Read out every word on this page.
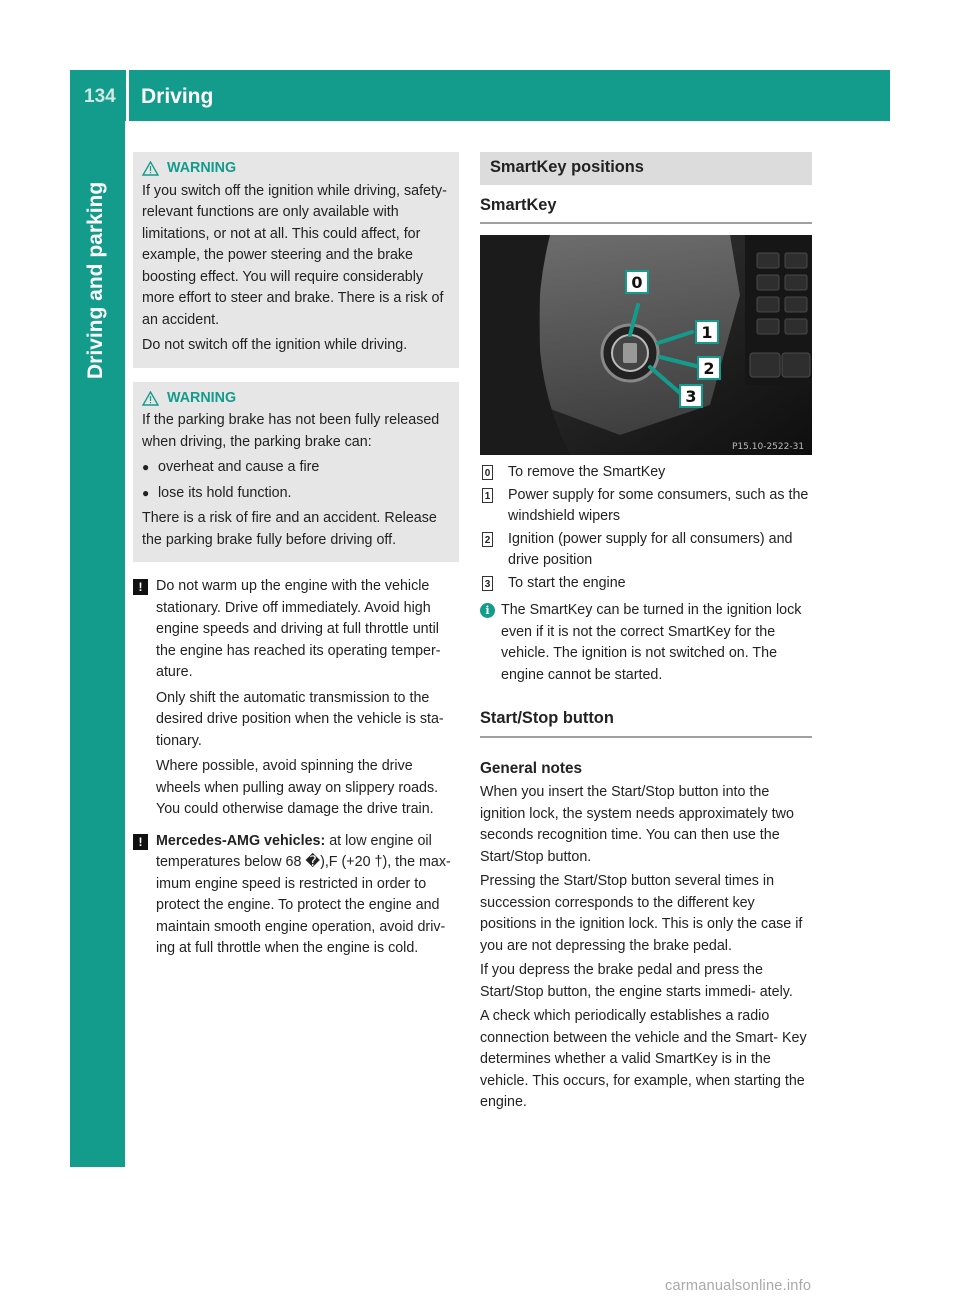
134 Driving
Driving and parking
WARNING

If you switch off the ignition while driving, safety-relevant functions are only available with limitations, or not at all. This could affect, for example, the power steering and the brake boosting effect. You will require considerably more effort to steer and brake. There is a risk of an accident.

Do not switch off the ignition while driving.

WARNING

If the parking brake has not been fully released when driving, the parking brake can:

● overheat and cause a fire
● lose its hold function.

There is a risk of fire and an accident. Release the parking brake fully before driving off.

! Do not warm up the engine with the vehicle stationary. Drive off immediately. Avoid high engine speeds and driving at full throttle until the engine has reached its operating temper- ature.

Only shift the automatic transmission to the desired drive position when the vehicle is sta- tionary.

Where possible, avoid spinning the drive wheels when pulling away on slippery roads. You could otherwise damage the drive train.

! Mercedes-AMG vehicles: at low engine oil temperatures below 68 �),F (+20 †), the max- imum engine speed is restricted in order to protect the engine. To protect the engine and maintain smooth engine operation, avoid driv- ing at full throttle when the engine is cold.

SmartKey positions
SmartKey
0
1
2
3
P15.10-2522-31
0 To remove the SmartKey
1 Power supply for some consumers, such as the windshield wipers
2 Ignition (power supply for all consumers) and drive position
3 To start the engine
i The SmartKey can be turned in the ignition lock even if it is not the correct SmartKey for the vehicle. The ignition is not switched on. The engine cannot be started.
Start/Stop button
General notes

When you insert the Start/Stop button into the ignition lock, the system needs approximately two seconds recognition time. You can then use the Start/Stop button.

Pressing the Start/Stop button several times in succession corresponds to the different key positions in the ignition lock. This is only the case if you are not depressing the brake pedal.

If you depress the brake pedal and press the Start/Stop button, the engine starts immedi- ately.

A check which periodically establishes a radio connection between the vehicle and the Smart- Key determines whether a valid SmartKey is in the vehicle. This occurs, for example, when starting the engine.

carmanualsonline.info
